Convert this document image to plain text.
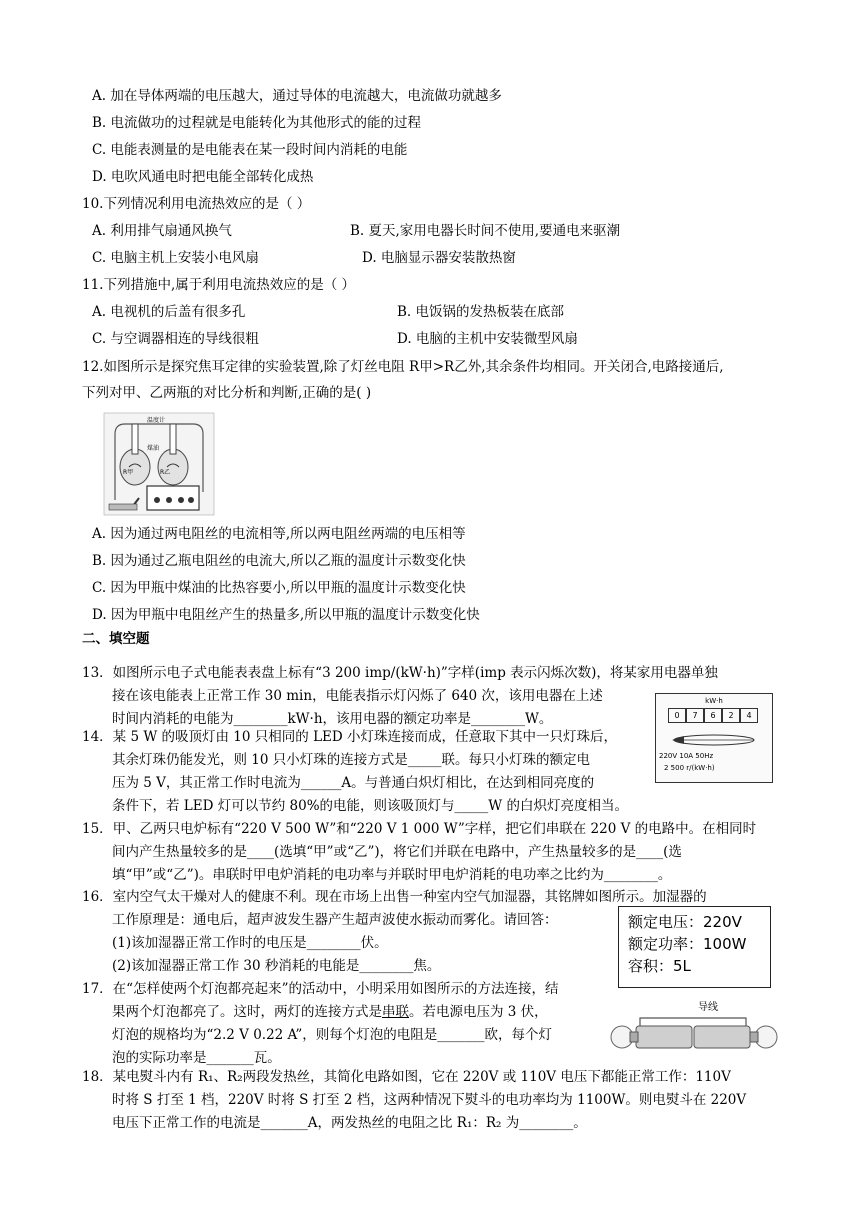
A. 加在导体两端的电压越大，通过导体的电流越大，电流做功就越多
B. 电流做功的过程就是电能转化为其他形式的能的过程
C. 电能表测量的是电能表在某一段时间内消耗的电能
D. 电吹风通电时把电能全部转化成热
10.下列情况利用电流热效应的是（ ）
A. 利用排气扇通风换气	B. 夏天,家用电器长时间不使用,要通电来驱潮
C. 电脑主机上安装小电风扇	D. 电脑显示器安装散热窗
11.下列措施中,属于利用电流热效应的是（ ）
A. 电视机的后盖有很多孔	B. 电饭锅的发热板装在底部
C. 与空调器相连的导线很粗	D. 电脑的主机中安装微型风扇
12.如图所示是探究焦耳定律的实验装置,除了灯丝电阻 R甲>R乙外,其余条件均相同。开关闭合,电路接通后,
下列对甲、乙两瓶的对比分析和判断,正确的是( )
R甲	R乙
温度计
煤油
A. 因为通过两电阻丝的电流相等,所以两电阻丝两端的电压相等
B. 因为通过乙瓶电阻丝的电流大,所以乙瓶的温度计示数变化快
C. 因为甲瓶中煤油的比热容要小,所以甲瓶的温度计示数变化快
D. 因为甲瓶中电阻丝产生的热量多,所以甲瓶的温度计示数变化快
二、填空题
13．如图所示电子式电能表表盘上标有“3 200 imp/(kW·h)”字样(imp 表示闪烁次数)，将某家用电器单独
接在该电能表上正常工作 30 min，电能表指示灯闪烁了 640 次，该用电器在上述
时间内消耗的电能为________kW·h，该用电器的额定功率是________W。
kW·h
0	7	6	2	4
220V 10A 50Hz
2 500 r/(kW·h)
14．某 5 W 的吸顶灯由 10 只相同的 LED 小灯珠连接而成，任意取下其中一只灯珠后，
其余灯珠仍能发光，则 10 只小灯珠的连接方式是_____联。每只小灯珠的额定电
压为 5 V，其正常工作时电流为______A。与普通白炽灯相比，在达到相同亮度的
条件下，若 LED 灯可以节约 80%的电能，则该吸顶灯与_____W 的白炽灯亮度相当。
15．甲、乙两只电炉标有“220 V 500 W”和“220 V 1 000 W”字样，把它们串联在 220 V 的电路中。在相同时
间内产生热量较多的是____(选填“甲”或“乙”)，将它们并联在电路中，产生热量较多的是____(选
填“甲”或“乙”)。串联时甲电炉消耗的电功率与并联时甲电炉消耗的电功率之比约为________。
16．室内空气太干燥对人的健康不利。现在市场上出售一种室内空气加湿器，其铭牌如图所示。加湿器的
工作原理是：通电后，超声波发生器产生超声波使水振动而雾化。请回答：
(1)该加湿器正常工作时的电压是________伏。
(2)该加湿器正常工作 30 秒消耗的电能是________焦。
额定电压：220V
额定功率：100W
容积：5L
17．在“怎样使两个灯泡都亮起来”的活动中，小明采用如图所示的方法连接，结
果两个灯泡都亮了。这时，两灯的连接方式是串联。若电源电压为 3 伏，
灯泡的规格均为“2.2 V 0.22 A”，则每个灯泡的电阻是_______欧，每个灯
泡的实际功率是_______瓦。
导线
18．某电熨斗内有 R₁、R₂两段发热丝，其简化电路如图，它在 220V 或 110V 电压下都能正常工作：110V
时将 S 打至 1 档，220V 时将 S 打至 2 档，这两种情况下熨斗的电功率均为 1100W。则电熨斗在 220V
电压下正常工作的电流是_______A，两发热丝的电阻之比 R₁：R₂ 为________。
